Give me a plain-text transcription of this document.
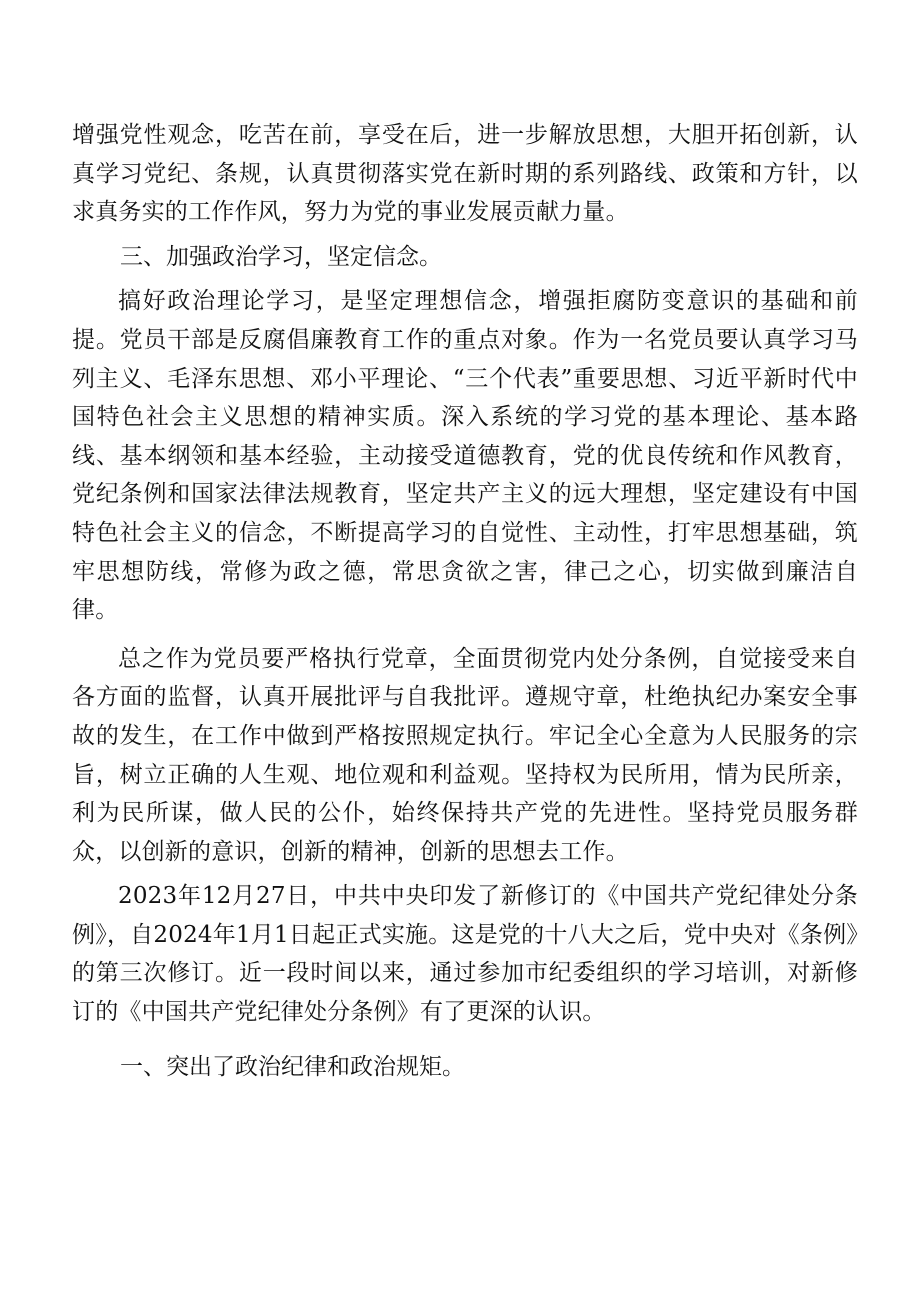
增强党性观念，吃苦在前，享受在后，进一步解放思想，大胆开拓创新，认真学习党纪、条规，认真贯彻落实党在新时期的系列路线、政策和方针，以求真务实的工作作风，努力为党的事业发展贡献力量。

三、加强政治学习，坚定信念。

搞好政治理论学习，是坚定理想信念，增强拒腐防变意识的基础和前提。党员干部是反腐倡廉教育工作的重点对象。作为一名党员要认真学习马列主义、毛泽东思想、邓小平理论、“三个代表”重要思想、习近平新时代中国特色社会主义思想的精神实质。深入系统的学习党的基本理论、基本路线、基本纲领和基本经验，主动接受道德教育，党的优良传统和作风教育，党纪条例和国家法律法规教育，坚定共产主义的远大理想，坚定建设有中国特色社会主义的信念，不断提高学习的自觉性、主动性，打牢思想基础，筑牢思想防线，常修为政之德，常思贪欲之害，律己之心，切实做到廉洁自律。

总之作为党员要严格执行党章，全面贯彻党内处分条例，自觉接受来自各方面的监督，认真开展批评与自我批评。遵规守章，杜绝执纪办案安全事故的发生，在工作中做到严格按照规定执行。牢记全心全意为人民服务的宗旨，树立正确的人生观、地位观和利益观。坚持权为民所用，情为民所亲，利为民所谋，做人民的公仆，始终保持共产党的先进性。坚持党员服务群众，以创新的意识，创新的精神，创新的思想去工作。

2023年12月27日，中共中央印发了新修订的《中国共产党纪律处分条例》，自2024年1月1日起正式实施。这是党的十八大之后，党中央对《条例》的第三次修订。近一段时间以来，通过参加市纪委组织的学习培训，对新修订的《中国共产党纪律处分条例》有了更深的认识。

一、突出了政治纪律和政治规矩。
